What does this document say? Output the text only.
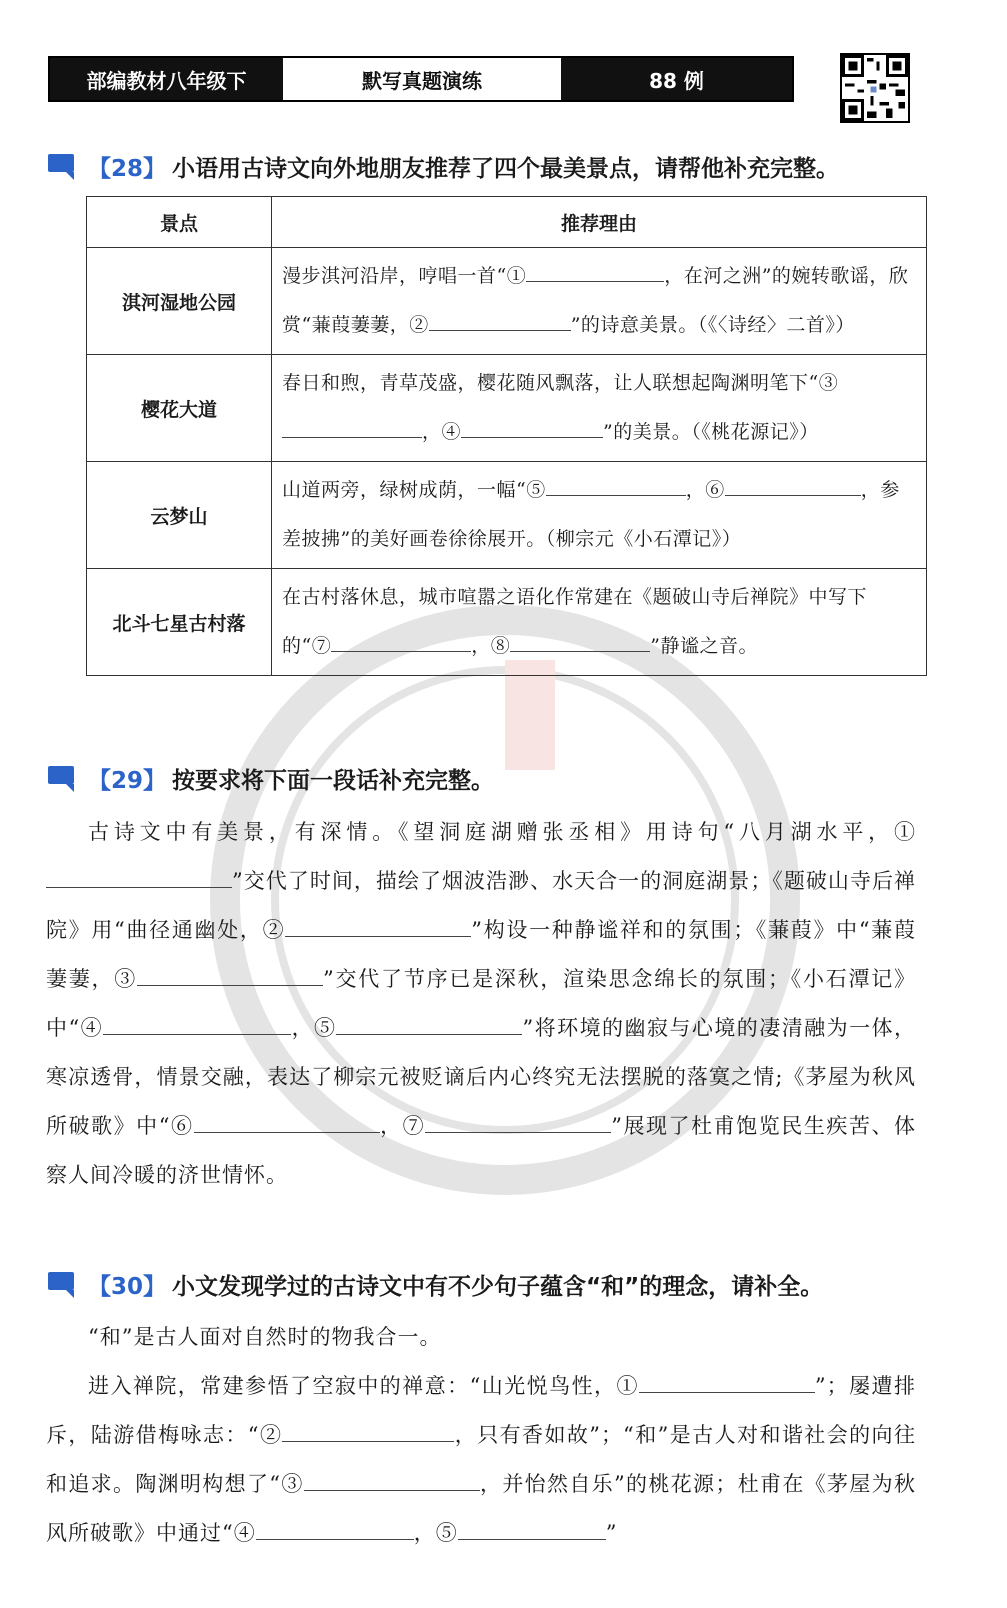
部编教材八年级下	默写真题演练	88 例
【28】 小语用古诗文向外地朋友推荐了四个最美景点，请帮他补充完整。
景点	推荐理由
淇河湿地公园	漫步淇河沿岸，哼唱一首“① ，在河之洲”的婉转歌谣，欣赏“蒹葭萋萋，② ”的诗意美景。（《〈诗经〉二首》）
樱花大道	春日和煦，青草茂盛，樱花随风飘落，让人联想起陶渊明笔下“③，④ ”的美景。（《桃花源记》）
云梦山	山道两旁，绿树成荫，一幅“⑤ ，⑥ ，参差披拂”的美好画卷徐徐展开。（柳宗元《小石潭记》）
北斗七星古村落	在古村落休息，城市喧嚣之语化作常建在《题破山寺后禅院》中写下的“⑦ ，⑧ ”静谧之音。
【29】 按要求将下面一段话补充完整。
古诗文中有美景，有深情。《望洞庭湖赠张丞相》用诗句“八月湖水平，①”交代了时间，描绘了烟波浩渺、水天合一的洞庭湖景；《题破山寺后禅院》用“曲径通幽处，②	”构设一种静谧祥和的氛围；《蒹葭》中“蒹葭萋萋，③	”交代了节序已是深秋，渲染思念绵长的氛围；《小石潭记》中“④	，⑤	”将环境的幽寂与心境的凄清融为一体，寒凉透骨，情景交融，表达了柳宗元被贬谪后内心终究无法摆脱的落寞之情;《茅屋为秋风所破歌》中“⑥	，⑦	”展现了杜甫饱览民生疾苦、体察人间冷暖的济世情怀。
【30】 小文发现学过的古诗文中有不少句子蕴含“和”的理念，请补全。
“和”是古人面对自然时的物我合一。
进入禅院，常建参悟了空寂中的禅意：“山光悦鸟性，①	”；屡遭排斥，陆游借梅咏志：“②	，只有香如故”；“和”是古人对和谐社会的向往和追求。陶渊明构想了“③	，并怡然自乐”的桃花源；杜甫在《茅屋为秋风所破歌》中通过“④	，⑤	”
